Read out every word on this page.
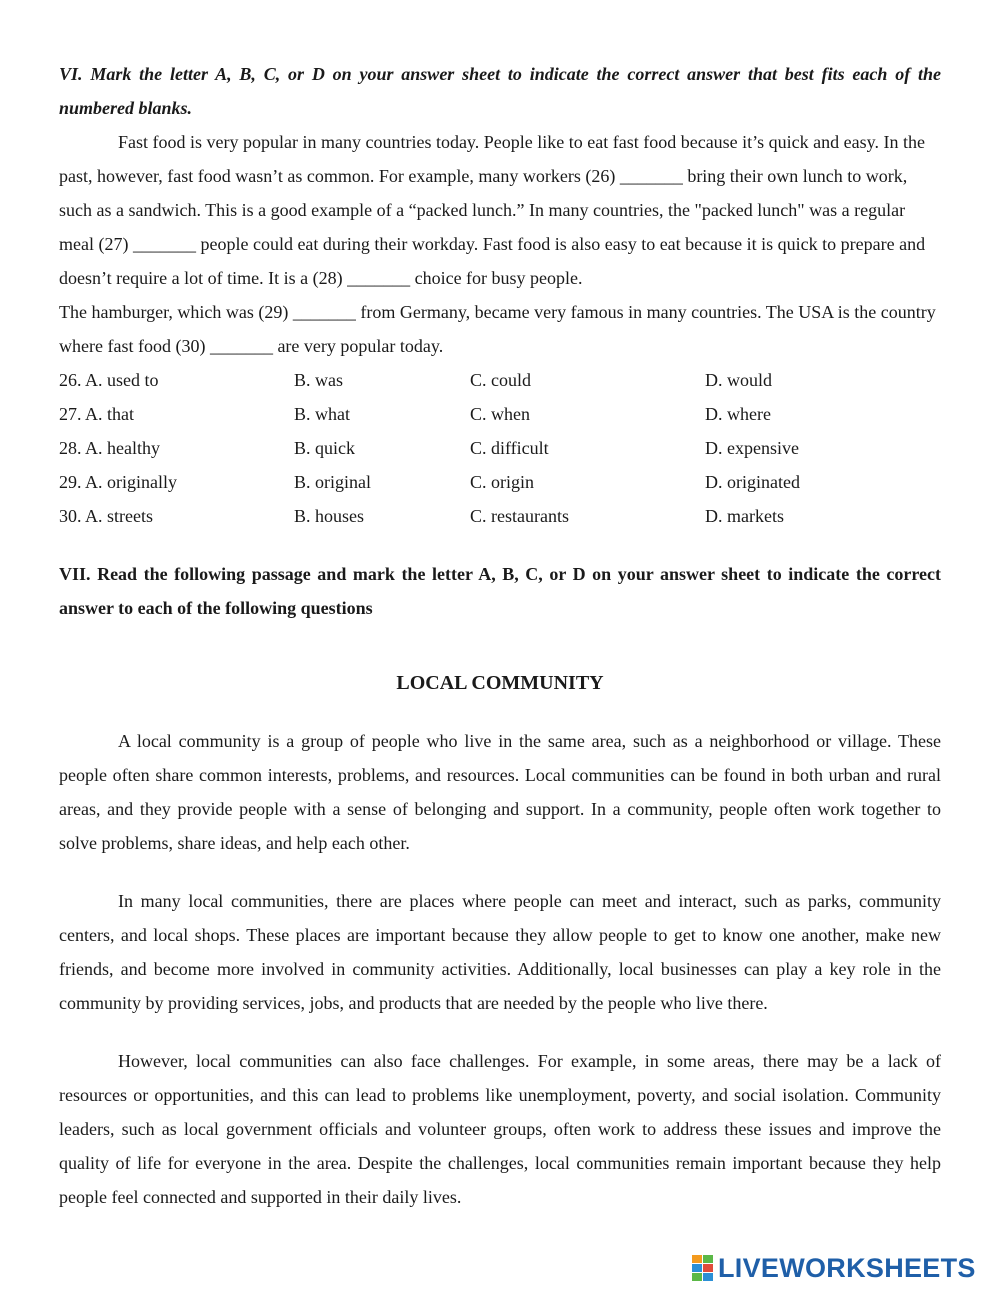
VI. Mark the letter A, B, C, or D on your answer sheet to indicate the correct answer that best fits each of the numbered blanks.

Fast food is very popular in many countries today. People like to eat fast food because it’s quick and easy. In the past, however, fast food wasn’t as common. For example, many workers (26) _______ bring their own lunch to work, such as a sandwich. This is a good example of a “packed lunch.” In many countries, the "packed lunch" was a regular meal (27) _______ people could eat during their workday. Fast food is also easy to eat because it is quick to prepare and doesn’t require a lot of time. It is a (28) _______ choice for busy people.

The hamburger, which was (29) _______ from Germany, became very famous in many countries. The USA is the country where fast food (30) _______ are very popular today.

26. A. used to	B. was	C. could	D. would
27. A. that	B. what	C. when	D. where
28. A. healthy	B. quick	C. difficult	D. expensive
29. A. originally	B. original	C. origin	D. originated
30. A. streets	B. houses	C. restaurants	D. markets

VII. Read the following passage and mark the letter A, B, C, or D on your answer sheet to indicate the correct answer to each of the following questions

LOCAL COMMUNITY

A local community is a group of people who live in the same area, such as a neighborhood or village. These people often share common interests, problems, and resources. Local communities can be found in both urban and rural areas, and they provide people with a sense of belonging and support. In a community, people often work together to solve problems, share ideas, and help each other.

In many local communities, there are places where people can meet and interact, such as parks, community centers, and local shops. These places are important because they allow people to get to know one another, make new friends, and become more involved in community activities. Additionally, local businesses can play a key role in the community by providing services, jobs, and products that are needed by the people who live there.

However, local communities can also face challenges. For example, in some areas, there may be a lack of resources or opportunities, and this can lead to problems like unemployment, poverty, and social isolation. Community leaders, such as local government officials and volunteer groups, often work to address these issues and improve the quality of life for everyone in the area. Despite the challenges, local communities remain important because they help people feel connected and supported in their daily lives.

LIVEWORKSHEETS
